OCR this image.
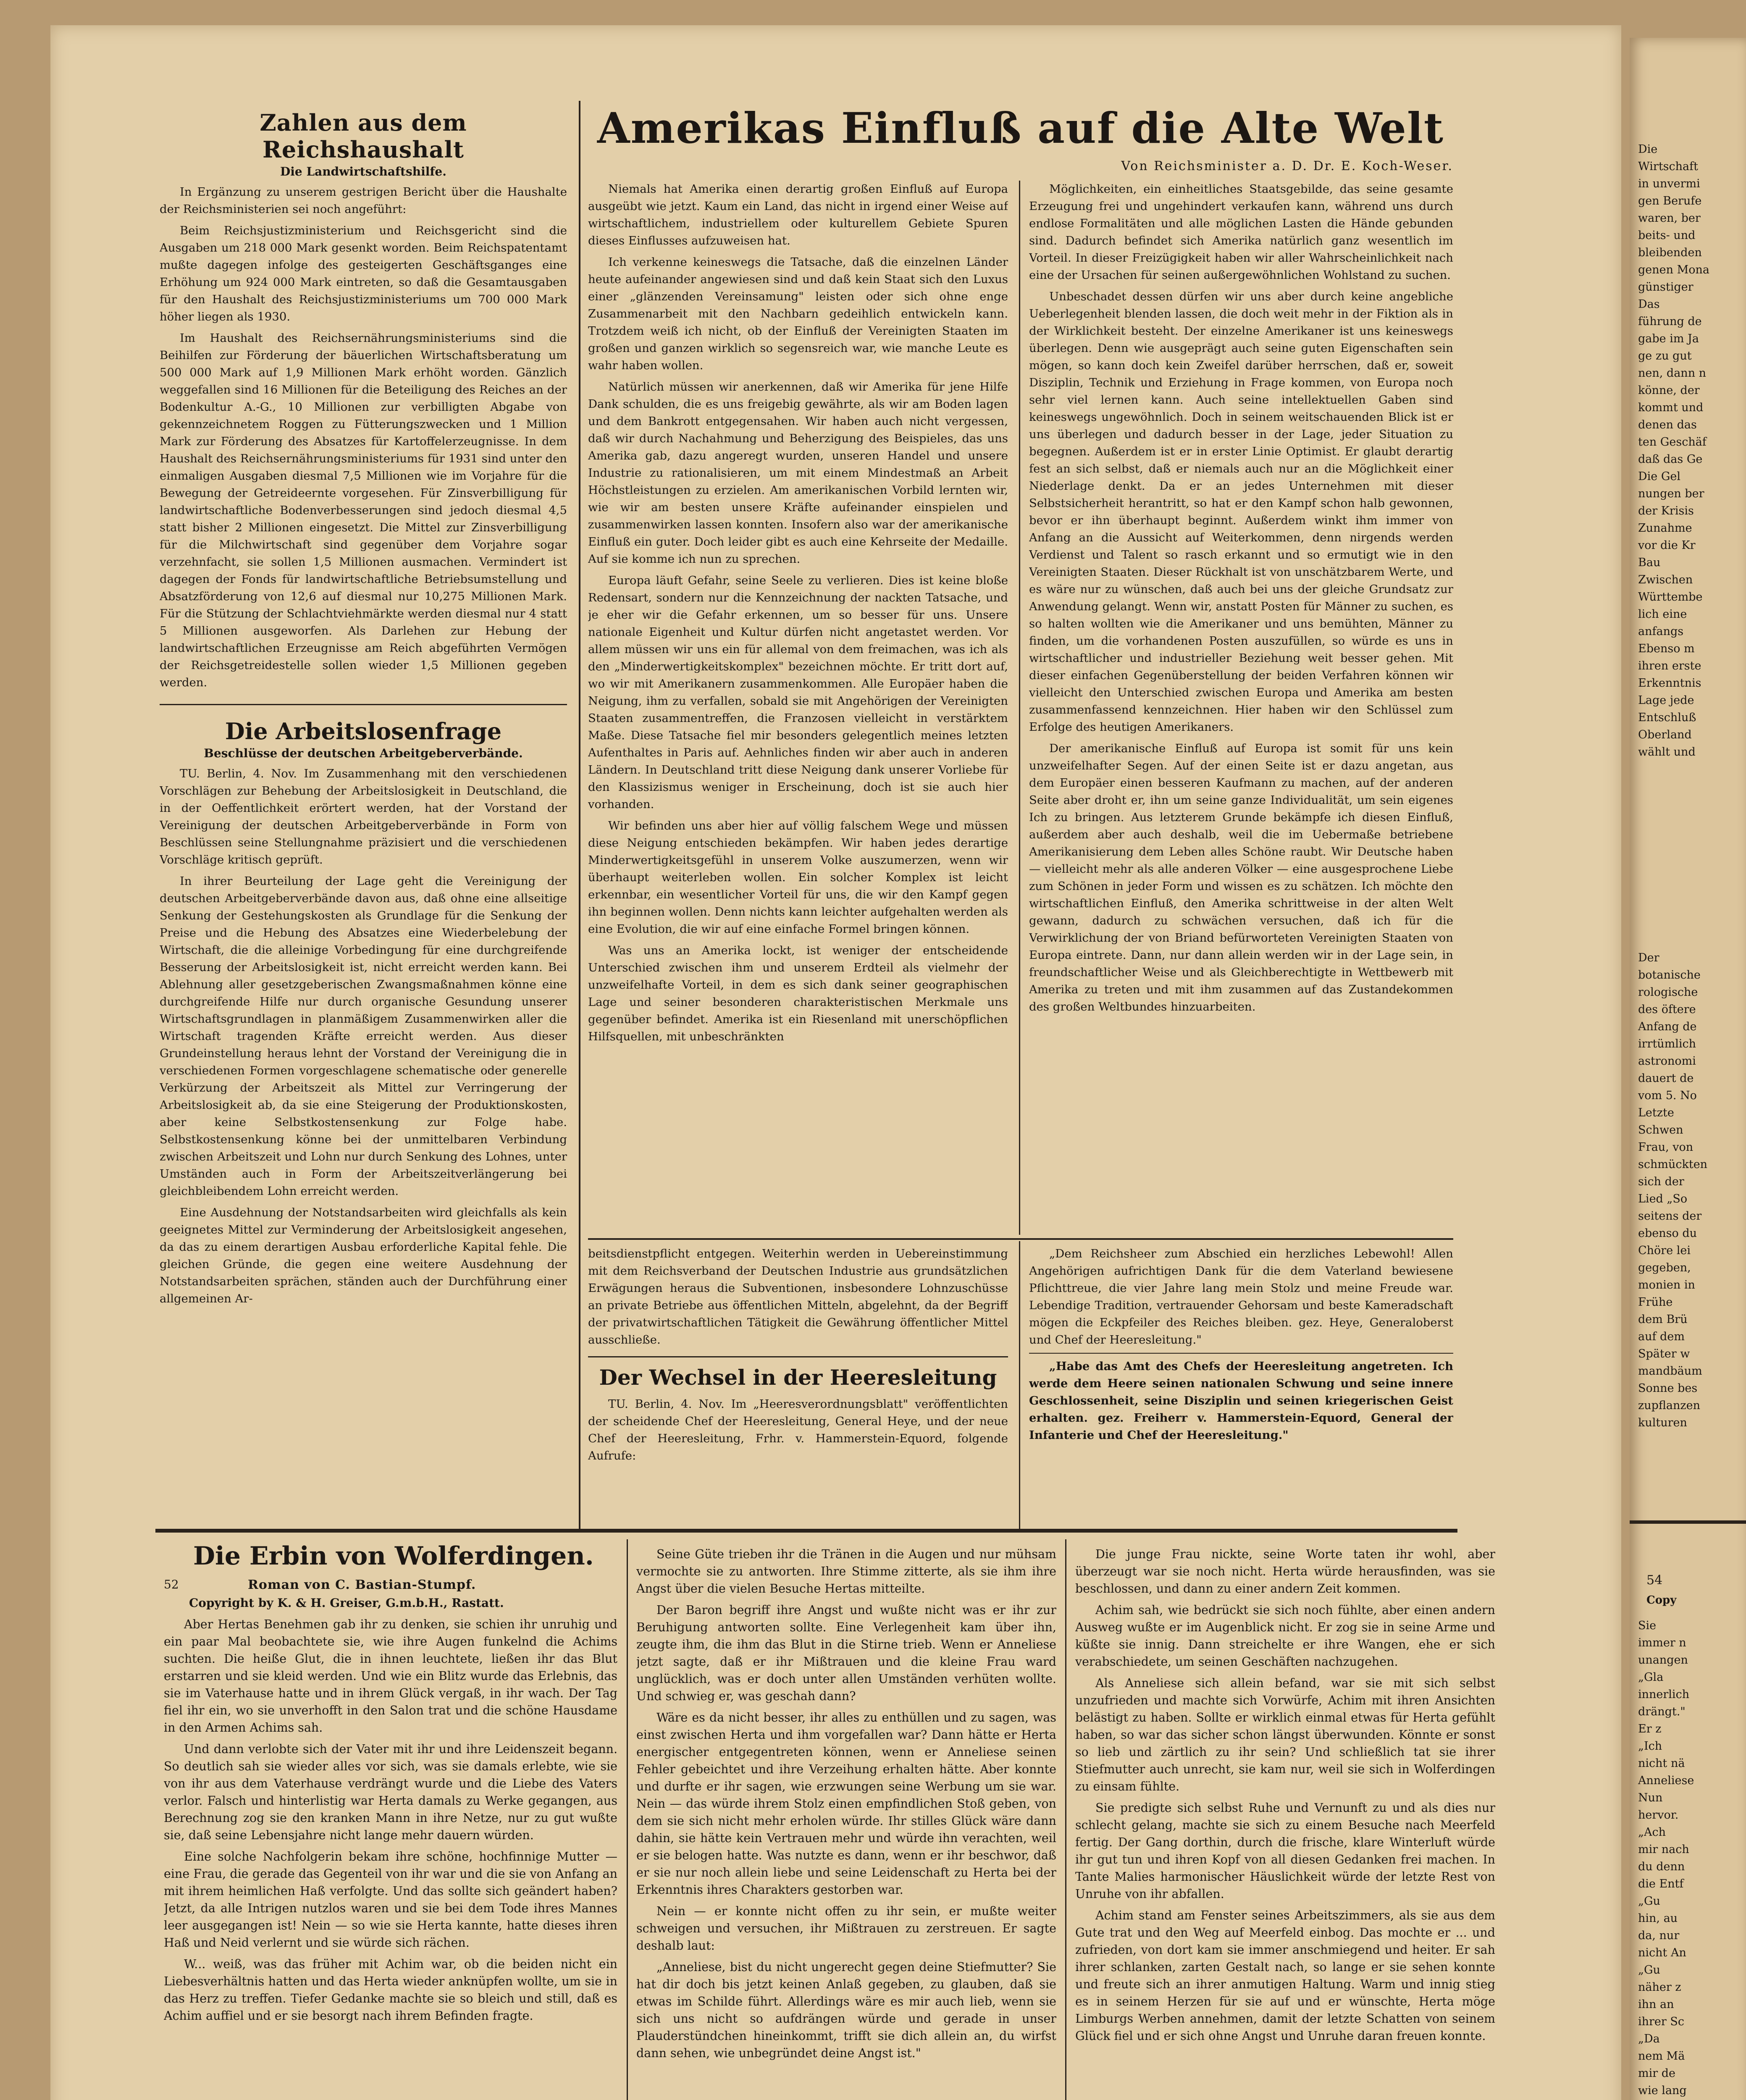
Zahlen aus dem Reichshaushalt
Die Landwirtschaftshilfe.

In Ergänzung zu unserem gestrigen Bericht über die Haushalte der Reichsministerien sei noch angeführt:

Beim Reichsjustizministerium und Reichsgericht sind die Ausgaben um 218 000 Mark gesenkt worden. Beim Reichspatentamt mußte dagegen infolge des gesteigerten Geschäftsganges eine Erhöhung um 924 000 Mark eintreten, so daß die Gesamtausgaben für den Haushalt des Reichsjustizministeriums um 700 000 Mark höher liegen als 1930.

Im Haushalt des Reichsernährungsministeriums sind die Beihilfen zur Förderung der bäuerlichen Wirtschaftsberatung um 500 000 Mark auf 1,9 Millionen Mark erhöht worden. Gänzlich weggefallen sind 16 Millionen für die Beteiligung des Reiches an der Bodenkultur A.-G., 10 Millionen zur verbilligten Abgabe von gekennzeichnetem Roggen zu Fütterungszwecken und 1 Million Mark zur Förderung des Absatzes für Kartoffelerzeugnisse. In dem Haushalt des Reichsernährungsministeriums für 1931 sind unter den einmaligen Ausgaben diesmal 7,5 Millionen wie im Vorjahre für die Bewegung der Getreideernte vorgesehen. Für Zinsverbilligung für landwirtschaftliche Bodenverbesserungen sind jedoch diesmal 4,5 statt bisher 2 Millionen eingesetzt. Die Mittel zur Zinsverbilligung für die Milchwirtschaft sind gegenüber dem Vorjahre sogar verzehnfacht, sie sollen 1,5 Millionen ausmachen. Vermindert ist dagegen der Fonds für landwirtschaftliche Betriebsumstellung und Absatzförderung von 12,6 auf diesmal nur 10,275 Millionen Mark. Für die Stützung der Schlachtviehmärkte werden diesmal nur 4 statt 5 Millionen ausgeworfen. Als Darlehen zur Hebung der landwirtschaftlichen Erzeugnisse am Reich abgeführten Vermögen der Reichsgetreidestelle sollen wieder 1,5 Millionen gegeben werden.

Die Arbeitslosenfrage
Beschlüsse der deutschen Arbeitgeberverbände.

TU. Berlin, 4. Nov. Im Zusammenhang mit den verschiedenen Vorschlägen zur Behebung der Arbeitslosigkeit in Deutschland, die in der Oeffentlichkeit erörtert werden, hat der Vorstand der Vereinigung der deutschen Arbeitgeberverbände in Form von Beschlüssen seine Stellungnahme präzisiert und die verschiedenen Vorschläge kritisch geprüft.

In ihrer Beurteilung der Lage geht die Vereinigung der deutschen Arbeitgeberverbände davon aus, daß ohne eine allseitige Senkung der Gestehungskosten als Grundlage für die Senkung der Preise und die Hebung des Absatzes eine Wiederbelebung der Wirtschaft, die die alleinige Vorbedingung für eine durchgreifende Besserung der Arbeitslosigkeit ist, nicht erreicht werden kann. Bei Ablehnung aller gesetzgeberischen Zwangsmaßnahmen könne eine durchgreifende Hilfe nur durch organische Gesundung unserer Wirtschaftsgrundlagen in planmäßigem Zusammenwirken aller die Wirtschaft tragenden Kräfte erreicht werden. Aus dieser Grundeinstellung heraus lehnt der Vorstand der Vereinigung die in verschiedenen Formen vorgeschlagene schematische oder generelle Verkürzung der Arbeitszeit als Mittel zur Verringerung der Arbeitslosigkeit ab, da sie eine Steigerung der Produktionskosten, aber keine Selbstkostensenkung zur Folge habe. Selbstkostensenkung könne bei der unmittelbaren Verbindung zwischen Arbeitszeit und Lohn nur durch Senkung des Lohnes, unter Umständen auch in Form der Arbeitszeitverlängerung bei gleichbleibendem Lohn erreicht werden.

Eine Ausdehnung der Notstandsarbeiten wird gleichfalls als kein geeignetes Mittel zur Verminderung der Arbeitslosigkeit angesehen, da das zu einem derartigen Ausbau erforderliche Kapital fehle. Die gleichen Gründe, die gegen eine weitere Ausdehnung der Notstandsarbeiten sprächen, ständen auch der Durchführung einer allgemeinen Ar-

Amerikas Einfluß auf die Alte Welt
Von Reichsminister a. D. Dr. E. Koch-Weser.

Niemals hat Amerika einen derartig großen Einfluß auf Europa ausgeübt wie jetzt. Kaum ein Land, das nicht in irgend einer Weise auf wirtschaftlichem, industriellem oder kulturellem Gebiete Spuren dieses Einflusses aufzuweisen hat.

Ich verkenne keineswegs die Tatsache, daß die einzelnen Länder heute aufeinander angewiesen sind und daß kein Staat sich den Luxus einer „glänzenden Vereinsamung" leisten oder sich ohne enge Zusammenarbeit mit den Nachbarn gedeihlich entwickeln kann. Trotzdem weiß ich nicht, ob der Einfluß der Vereinigten Staaten im großen und ganzen wirklich so segensreich war, wie manche Leute es wahr haben wollen.

Natürlich müssen wir anerkennen, daß wir Amerika für jene Hilfe Dank schulden, die es uns freigebig gewährte, als wir am Boden lagen und dem Bankrott entgegensahen. Wir haben auch nicht vergessen, daß wir durch Nachahmung und Beherzigung des Beispieles, das uns Amerika gab, dazu angeregt wurden, unseren Handel und unsere Industrie zu rationalisieren, um mit einem Mindestmaß an Arbeit Höchstleistungen zu erzielen. Am amerikanischen Vorbild lernten wir, wie wir am besten unsere Kräfte aufeinander einspielen und zusammenwirken lassen konnten. Insofern also war der amerikanische Einfluß ein guter. Doch leider gibt es auch eine Kehrseite der Medaille. Auf sie komme ich nun zu sprechen.

Europa läuft Gefahr, seine Seele zu verlieren. Dies ist keine bloße Redensart, sondern nur die Kennzeichnung der nackten Tatsache, und je eher wir die Gefahr erkennen, um so besser für uns. Unsere nationale Eigenheit und Kultur dürfen nicht angetastet werden. Vor allem müssen wir uns ein für allemal von dem freimachen, was ich als den „Minderwertigkeitskomplex" bezeichnen möchte. Er tritt dort auf, wo wir mit Amerikanern zusammenkommen. Alle Europäer haben die Neigung, ihm zu verfallen, sobald sie mit Angehörigen der Vereinigten Staaten zusammentreffen, die Franzosen vielleicht in verstärktem Maße. Diese Tatsache fiel mir besonders gelegentlich meines letzten Aufenthaltes in Paris auf. Aehnliches finden wir aber auch in anderen Ländern. In Deutschland tritt diese Neigung dank unserer Vorliebe für den Klassizismus weniger in Erscheinung, doch ist sie auch hier vorhanden.

Wir befinden uns aber hier auf völlig falschem Wege und müssen diese Neigung entschieden bekämpfen. Wir haben jedes derartige Minderwertigkeitsgefühl in unserem Volke auszumerzen, wenn wir überhaupt weiterleben wollen. Ein solcher Komplex ist leicht erkennbar, ein wesentlicher Vorteil für uns, die wir den Kampf gegen ihn beginnen wollen. Denn nichts kann leichter aufgehalten werden als eine Evolution, die wir auf eine einfache Formel bringen können.

Was uns an Amerika lockt, ist weniger der entscheidende Unterschied zwischen ihm und unserem Erdteil als vielmehr der unzweifelhafte Vorteil, in dem es sich dank seiner geographischen Lage und seiner besonderen charakteristischen Merkmale uns gegenüber befindet. Amerika ist ein Riesenland mit unerschöpflichen Hilfsquellen, mit unbeschränkten

Möglichkeiten, ein einheitliches Staatsgebilde, das seine gesamte Erzeugung frei und ungehindert verkaufen kann, während uns durch endlose Formalitäten und alle möglichen Lasten die Hände gebunden sind. Dadurch befindet sich Amerika natürlich ganz wesentlich im Vorteil. In dieser Freizügigkeit haben wir aller Wahrscheinlichkeit nach eine der Ursachen für seinen außergewöhnlichen Wohlstand zu suchen.

Unbeschadet dessen dürfen wir uns aber durch keine angebliche Ueberlegenheit blenden lassen, die doch weit mehr in der Fiktion als in der Wirklichkeit besteht. Der einzelne Amerikaner ist uns keineswegs überlegen. Denn wie ausgeprägt auch seine guten Eigenschaften sein mögen, so kann doch kein Zweifel darüber herrschen, daß er, soweit Disziplin, Technik und Erziehung in Frage kommen, von Europa noch sehr viel lernen kann. Auch seine intellektuellen Gaben sind keineswegs ungewöhnlich. Doch in seinem weitschauenden Blick ist er uns überlegen und dadurch besser in der Lage, jeder Situation zu begegnen. Außerdem ist er in erster Linie Optimist. Er glaubt derartig fest an sich selbst, daß er niemals auch nur an die Möglichkeit einer Niederlage denkt. Da er an jedes Unternehmen mit dieser Selbstsicherheit herantritt, so hat er den Kampf schon halb gewonnen, bevor er ihn überhaupt beginnt. Außerdem winkt ihm immer von Anfang an die Aussicht auf Weiterkommen, denn nirgends werden Verdienst und Talent so rasch erkannt und so ermutigt wie in den Vereinigten Staaten. Dieser Rückhalt ist von unschätzbarem Werte, und es wäre nur zu wünschen, daß auch bei uns der gleiche Grundsatz zur Anwendung gelangt. Wenn wir, anstatt Posten für Männer zu suchen, es so halten wollten wie die Amerikaner und uns bemühten, Männer zu finden, um die vorhandenen Posten auszufüllen, so würde es uns in wirtschaftlicher und industrieller Beziehung weit besser gehen. Mit dieser einfachen Gegenüberstellung der beiden Verfahren können wir vielleicht den Unterschied zwischen Europa und Amerika am besten zusammenfassend kennzeichnen. Hier haben wir den Schlüssel zum Erfolge des heutigen Amerikaners.

Der amerikanische Einfluß auf Europa ist somit für uns kein unzweifelhafter Segen. Auf der einen Seite ist er dazu angetan, aus dem Europäer einen besseren Kaufmann zu machen, auf der anderen Seite aber droht er, ihn um seine ganze Individualität, um sein eigenes Ich zu bringen. Aus letzterem Grunde bekämpfe ich diesen Einfluß, außerdem aber auch deshalb, weil die im Uebermaße betriebene Amerikanisierung dem Leben alles Schöne raubt. Wir Deutsche haben — vielleicht mehr als alle anderen Völker — eine ausgesprochene Liebe zum Schönen in jeder Form und wissen es zu schätzen. Ich möchte den wirtschaftlichen Einfluß, den Amerika schrittweise in der alten Welt gewann, dadurch zu schwächen versuchen, daß ich für die Verwirklichung der von Briand befürworteten Vereinigten Staaten von Europa eintrete. Dann, nur dann allein werden wir in der Lage sein, in freundschaftlicher Weise und als Gleichberechtigte in Wettbewerb mit Amerika zu treten und mit ihm zusammen auf das Zustandekommen des großen Weltbundes hinzuarbeiten.

beitsdienstpflicht entgegen. Weiterhin werden in Uebereinstimmung mit dem Reichsverband der Deutschen Industrie aus grundsätzlichen Erwägungen heraus die Subventionen, insbesondere Lohnzuschüsse an private Betriebe aus öffentlichen Mitteln, abgelehnt, da der Begriff der privatwirtschaftlichen Tätigkeit die Gewährung öffentlicher Mittel ausschließe.

Der Wechsel in der Heeresleitung

TU. Berlin, 4. Nov. Im „Heeresverordnungsblatt" veröffentlichten der scheidende Chef der Heeresleitung, General Heye, und der neue Chef der Heeresleitung, Frhr. v. Hammerstein-Equord, folgende Aufrufe:

„Dem Reichsheer zum Abschied ein herzliches Lebewohl! Allen Angehörigen aufrichtigen Dank für die dem Vaterland bewiesene Pflichttreue, die vier Jahre lang mein Stolz und meine Freude war. Lebendige Tradition, vertrauender Gehorsam und beste Kameradschaft mögen die Eckpfeiler des Reiches bleiben. gez. Heye, Generaloberst und Chef der Heeresleitung."

„Habe das Amt des Chefs der Heeresleitung angetreten. Ich werde dem Heere seinen nationalen Schwung und seine innere Geschlossenheit, seine Disziplin und seinen kriegerischen Geist erhalten. gez. Freiherr v. Hammerstein-Equord, General der Infanterie und Chef der Heeresleitung."

Die Erbin von Wolferdingen.
52	Roman von C. Bastian-Stumpf.
Copyright by K. & H. Greiser, G.m.b.H., Rastatt.

Aber Hertas Benehmen gab ihr zu denken, sie schien ihr unruhig und ein paar Mal beobachtete sie, wie ihre Augen funkelnd die Achims suchten. Die heiße Glut, die in ihnen leuchtete, ließen ihr das Blut erstarren und sie kleid werden. Und wie ein Blitz wurde das Erlebnis, das sie im Vaterhause hatte und in ihrem Glück vergaß, in ihr wach. Der Tag fiel ihr ein, wo sie unverhofft in den Salon trat und die schöne Hausdame in den Armen Achims sah.

Und dann verlobte sich der Vater mit ihr und ihre Leidenszeit begann. So deutlich sah sie wieder alles vor sich, was sie damals erlebte, wie sie von ihr aus dem Vaterhause verdrängt wurde und die Liebe des Vaters verlor. Falsch und hinterlistig war Herta damals zu Werke gegangen, aus Berechnung zog sie den kranken Mann in ihre Netze, nur zu gut wußte sie, daß seine Lebensjahre nicht lange mehr dauern würden.

Eine solche Nachfolgerin bekam ihre schöne, hochfinnige Mutter — eine Frau, die gerade das Gegenteil von ihr war und die sie von Anfang an mit ihrem heimlichen Haß verfolgte. Und das sollte sich geändert haben? Jetzt, da alle Intrigen nutzlos waren und sie bei dem Tode ihres Mannes leer ausgegangen ist! Nein — so wie sie Herta kannte, hatte dieses ihren Haß und Neid verlernt und sie würde sich rächen.

W... weiß, was das früher mit Achim war, ob die beiden nicht ein Liebesverhältnis hatten und das Herta wieder anknüpfen wollte, um sie in das Herz zu treffen. Tiefer Gedanke machte sie so bleich und still, daß es Achim auffiel und er sie besorgt nach ihrem Befinden fragte.

Seine Güte trieben ihr die Tränen in die Augen und nur mühsam vermochte sie zu antworten. Ihre Stimme zitterte, als sie ihm ihre Angst über die vielen Besuche Hertas mitteilte.

Der Baron begriff ihre Angst und wußte nicht was er ihr zur Beruhigung antworten sollte. Eine Verlegenheit kam über ihn, zeugte ihm, die ihm das Blut in die Stirne trieb. Wenn er Anneliese jetzt sagte, daß er ihr Mißtrauen und die kleine Frau ward unglücklich, was er doch unter allen Umständen verhüten wollte. Und schwieg er, was geschah dann?

Wäre es da nicht besser, ihr alles zu enthüllen und zu sagen, was einst zwischen Herta und ihm vorgefallen war? Dann hätte er Herta energischer entgegentreten können, wenn er Anneliese seinen Fehler gebeichtet und ihre Verzeihung erhalten hätte. Aber konnte und durfte er ihr sagen, wie erzwungen seine Werbung um sie war. Nein — das würde ihrem Stolz einen empfindlichen Stoß geben, von dem sie sich nicht mehr erholen würde. Ihr stilles Glück wäre dann dahin, sie hätte kein Vertrauen mehr und würde ihn verachten, weil er sie belogen hatte. Was nutzte es dann, wenn er ihr beschwor, daß er sie nur noch allein liebe und seine Leidenschaft zu Herta bei der Erkenntnis ihres Charakters gestorben war.

Nein — er konnte nicht offen zu ihr sein, er mußte weiter schweigen und versuchen, ihr Mißtrauen zu zerstreuen. Er sagte deshalb laut:

„Anneliese, bist du nicht ungerecht gegen deine Stiefmutter? Sie hat dir doch bis jetzt keinen Anlaß gegeben, zu glauben, daß sie etwas im Schilde führt. Allerdings wäre es mir auch lieb, wenn sie sich uns nicht so aufdrängen würde und gerade in unser Plauderstündchen hineinkommt, trifft sie dich allein an, du wirfst dann sehen, wie unbegründet deine Angst ist."

Die junge Frau nickte, seine Worte taten ihr wohl, aber überzeugt war sie noch nicht. Herta würde herausfinden, was sie beschlossen, und dann zu einer andern Zeit kommen.

Achim sah, wie bedrückt sie sich noch fühlte, aber einen andern Ausweg wußte er im Augenblick nicht. Er zog sie in seine Arme und küßte sie innig. Dann streichelte er ihre Wangen, ehe er sich verabschiedete, um seinen Geschäften nachzugehen.

Als Anneliese sich allein befand, war sie mit sich selbst unzufrieden und machte sich Vorwürfe, Achim mit ihren Ansichten belästigt zu haben. Sollte er wirklich einmal etwas für Herta gefühlt haben, so war das sicher schon längst überwunden. Könnte er sonst so lieb und zärtlich zu ihr sein? Und schließlich tat sie ihrer Stiefmutter auch unrecht, sie kam nur, weil sie sich in Wolferdingen zu einsam fühlte.

Sie predigte sich selbst Ruhe und Vernunft zu und als dies nur schlecht gelang, machte sie sich zu einem Besuche nach Meerfeld fertig. Der Gang dorthin, durch die frische, klare Winterluft würde ihr gut tun und ihren Kopf von all diesen Gedanken frei machen. In Tante Malies harmonischer Häuslichkeit würde der letzte Rest von Unruhe von ihr abfallen.

Achim stand am Fenster seines Arbeitszimmers, als sie aus dem Gute trat und den Weg auf Meerfeld einbog. Das mochte er ... und zufrieden, von dort kam sie immer anschmiegend und heiter. Er sah ihrer schlanken, zarten Gestalt nach, so lange er sie sehen konnte und freute sich an ihrer anmutigen Haltung. Warm und innig stieg es in seinem Herzen für sie auf und er wünschte, Herta möge Limburgs Werben annehmen, damit der letzte Schatten von seinem Glück fiel und er sich ohne Angst und Unruhe daran freuen konnte.

Die
Wirtschaft
in unvermi
gen Berufe
waren, ber
beits- und
bleibenden
genen Mona
günstiger
Das
führung de
gabe im Ja
ge zu gut
nen, dann n
könne, der
kommt und
denen das
ten Geschäf
daß das Ge
Die Gel
nungen ber
der Krisis
Zunahme
vor die Kr
Bau
Zwischen
Württembe
lich eine
anfangs
Ebenso m
ihren erste
Erkenntnis
Lage jede
Entschluß
Oberland
wählt und
Der
botanische
rologische
des öftere
Anfang de
irrtümlich
astronomi
dauert de
vom 5. No
Letzte
Schwen
Frau, von
schmückten
sich der
Lied „So
seitens der
ebenso du
Chöre lei
gegeben,
monien in
Frühe
dem Brü
auf dem
Später w
mandbäum
Sonne bes
zupflanzen
kulturen
54
Copy
Sie
immer n
unangen
„Gla
innerlich
drängt."
Er z
„Ich
nicht nä
Anneliese
Nun
hervor.
„Ach
mir nach
du denn
die Entf
„Gu
hin, au
da, nur
nicht An
„Gu
näher z
ihn an
ihrer Sc
„Da
nem Mä
mir de
wie lang
